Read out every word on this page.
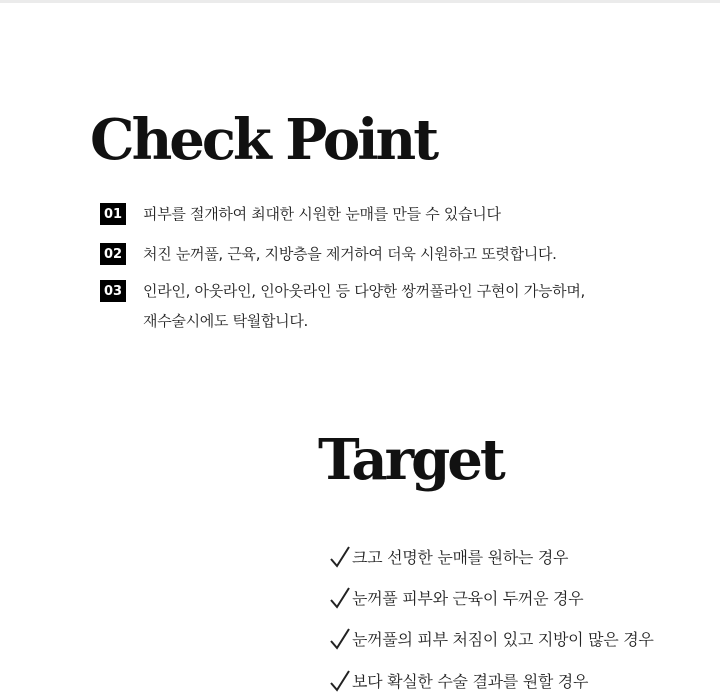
Check Point
01 피부를 절개하여 최대한 시원한 눈매를 만들 수 있습니다
02 처진 눈꺼풀, 근육, 지방층을 제거하여 더욱 시원하고 또렷합니다.
03 인라인, 아웃라인, 인아웃라인 등 다양한 쌍꺼풀라인 구현이 가능하며,
재수술시에도 탁월합니다.
Target
크고 선명한 눈매를 원하는 경우
눈꺼풀 피부와 근육이 두꺼운 경우
눈꺼풀의 피부 처짐이 있고 지방이 많은 경우
보다 확실한 수술 결과를 원할 경우
